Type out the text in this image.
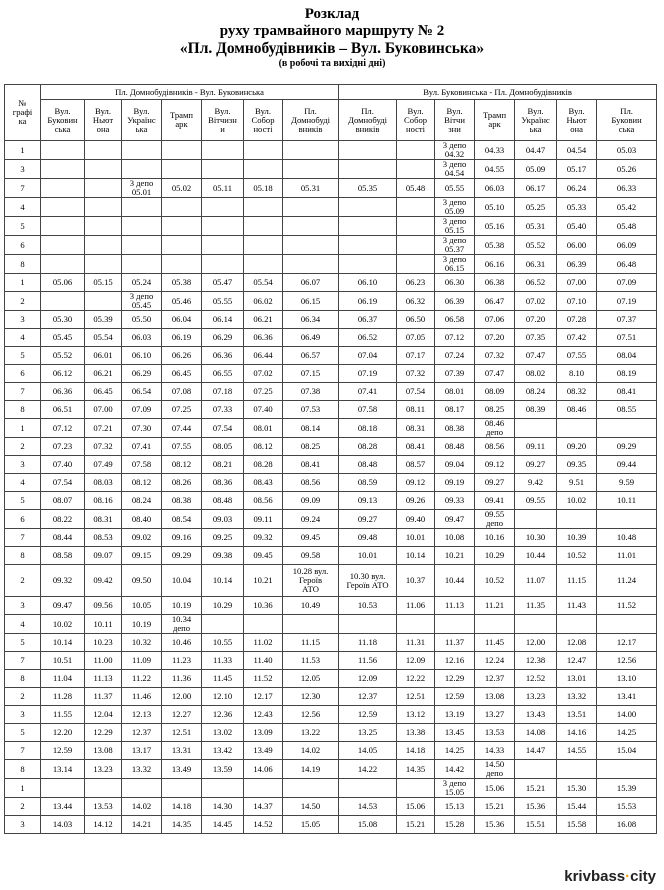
Розклад
руху трамвайного маршруту № 2
«Пл. Домнобудівників – Вул. Буковинська»
(в робочі та вихідні дні)
№
графі
ка	Пл. Домнобудівників - Вул. Буковинська							Вул. Буковинська - Пл. Домнобудівників						
	Вул.
Буковин
ська	Вул.
Ньют
она	Вул.
Українс
ька	Трамп
арк	Вул.
Вітчизн
и	Вул.
Собор
ності	Пл.
Домнобуді
вників	Пл.
Домнобуді
вників	Вул.
Собор
ності	Вул.
Вітчи
зни	Трамп
арк	Вул.
Українс
ька	Вул.
Ньют
она	Пл.
Буковин
ська
1										3 депо
04.32	04.33	04.47	04.54	05.03
3										3 депо
04.54	04.55	05.09	05.17	05.26
7			3 депо
05.01	05.02	05.11	05.18	05.31	05.35	05.48	05.55	06.03	06.17	06.24	06.33
4										3 депо
05.09	05.10	05.25	05.33	05.42
5										3 депо
05.15	05.16	05.31	05.40	05.48
6										3 депо
05.37	05.38	05.52	06.00	06.09
8										3 депо
06.15	06.16	06.31	06.39	06.48
1	05.06	05.15	05.24	05.38	05.47	05.54	06.07	06.10	06.23	06.30	06.38	06.52	07.00	07.09
2			3 депо
05.45	05.46	05.55	06.02	06.15	06.19	06.32	06.39	06.47	07.02	07.10	07.19
3	05.30	05.39	05.50	06.04	06.14	06.21	06.34	06.37	06.50	06.58	07.06	07.20	07.28	07.37
4	05.45	05.54	06.03	06.19	06.29	06.36	06.49	06.52	07.05	07.12	07.20	07.35	07.42	07.51
5	05.52	06.01	06.10	06.26	06.36	06.44	06.57	07.04	07.17	07.24	07.32	07.47	07.55	08.04
6	06.12	06.21	06.29	06.45	06.55	07.02	07.15	07.19	07.32	07.39	07.47	08.02	8.10	08.19
7	06.36	06.45	06.54	07.08	07.18	07.25	07.38	07.41	07.54	08.01	08.09	08.24	08.32	08.41
8	06.51	07.00	07.09	07.25	07.33	07.40	07.53	07.58	08.11	08.17	08.25	08.39	08.46	08.55
1	07.12	07.21	07.30	07.44	07.54	08.01	08.14	08.18	08.31	08.38	08.46
депо			
2	07.23	07.32	07.41	07.55	08.05	08.12	08.25	08.28	08.41	08.48	08.56	09.11	09.20	09.29
3	07.40	07.49	07.58	08.12	08.21	08.28	08.41	08.48	08.57	09.04	09.12	09.27	09.35	09.44
4	07.54	08.03	08.12	08.26	08.36	08.43	08.56	08.59	09.12	09.19	09.27	9.42	9.51	9.59
5	08.07	08.16	08.24	08.38	08.48	08.56	09.09	09.13	09.26	09.33	09.41	09.55	10.02	10.11
6	08.22	08.31	08.40	08.54	09.03	09.11	09.24	09.27	09.40	09.47	09.55
депо			
7	08.44	08.53	09.02	09.16	09.25	09.32	09.45	09.48	10.01	10.08	10.16	10.30	10.39	10.48
8	08.58	09.07	09.15	09.29	09.38	09.45	09.58	10.01	10.14	10.21	10.29	10.44	10.52	11.01
2	09.32	09.42	09.50	10.04	10.14	10.21	10.28 вул.
Героїв
АТО	10.30 вул.
Героїв АТО	10.37	10.44	10.52	11.07	11.15	11.24
3	09.47	09.56	10.05	10.19	10.29	10.36	10.49	10.53	11.06	11.13	11.21	11.35	11.43	11.52
4	10.02	10.11	10.19	10.34
депо										
5	10.14	10.23	10.32	10.46	10.55	11.02	11.15	11.18	11.31	11.37	11.45	12.00	12.08	12.17
7	10.51	11.00	11.09	11.23	11.33	11.40	11.53	11.56	12.09	12.16	12.24	12.38	12.47	12.56
8	11.04	11.13	11.22	11.36	11.45	11.52	12.05	12.09	12.22	12.29	12.37	12.52	13.01	13.10
2	11.28	11.37	11.46	12.00	12.10	12.17	12.30	12.37	12.51	12.59	13.08	13.23	13.32	13.41
3	11.55	12.04	12.13	12.27	12.36	12.43	12.56	12.59	13.12	13.19	13.27	13.43	13.51	14.00
5	12.20	12.29	12.37	12.51	13.02	13.09	13.22	13.25	13.38	13.45	13.53	14.08	14.16	14.25
7	12.59	13.08	13.17	13.31	13.42	13.49	14.02	14.05	14.18	14.25	14.33	14.47	14.55	15.04
8	13.14	13.23	13.32	13.49	13.59	14.06	14.19	14.22	14.35	14.42	14.50
депо			
1										3 депо
15.05	15.06	15.21	15.30	15.39
2	13.44	13.53	14.02	14.18	14.30	14.37	14.50	14.53	15.06	15.13	15.21	15.36	15.44	15.53
3	14.03	14.12	14.21	14.35	14.45	14.52	15.05	15.08	15.21	15.28	15.36	15.51	15.58	16.08
krivbass·city
